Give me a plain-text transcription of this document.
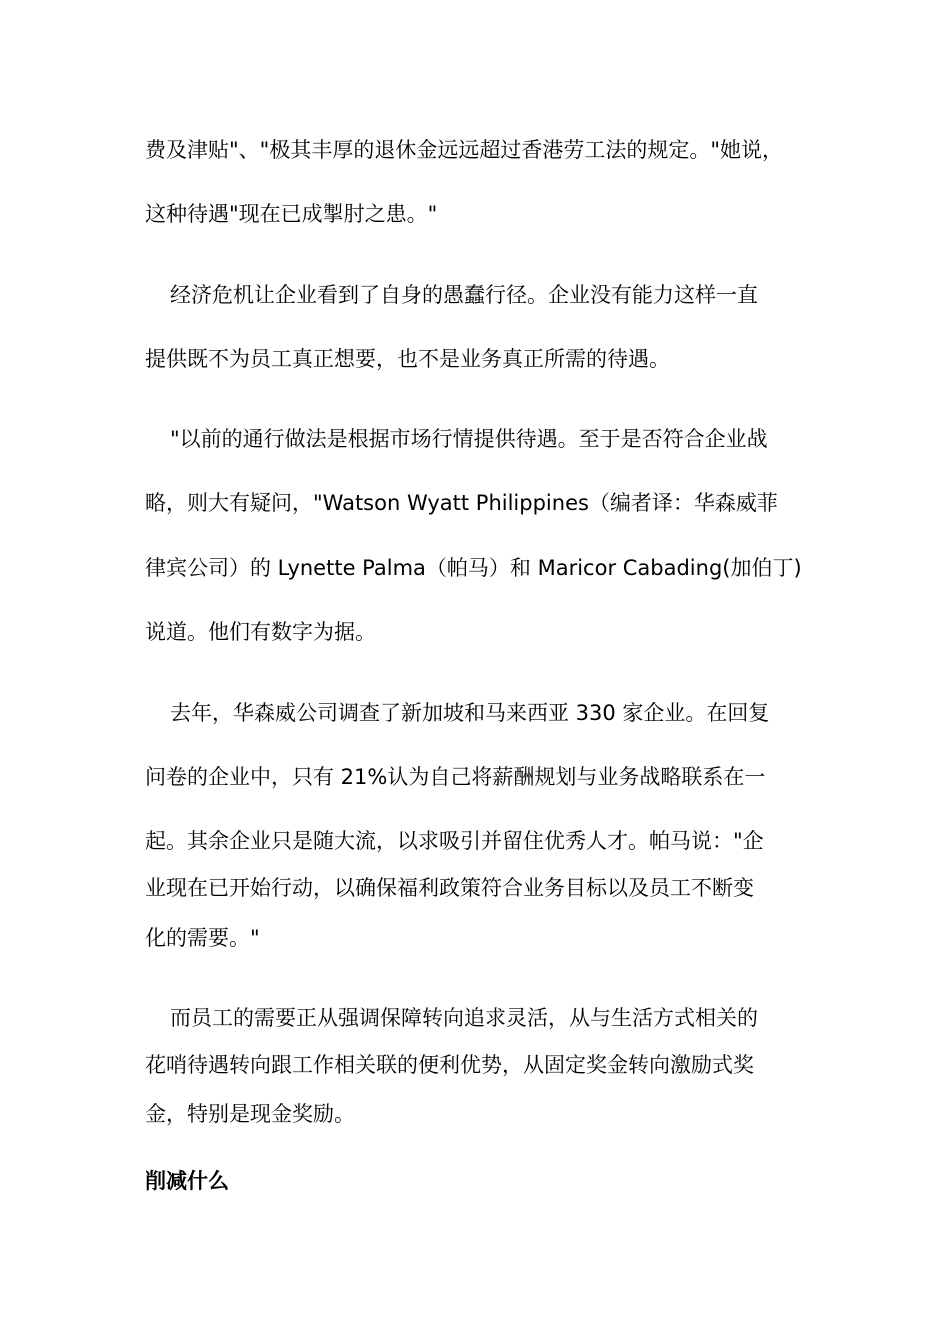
费及津贴"、"极其丰厚的退休金远远超过香港劳工法的规定。"她说，
这种待遇"现在已成掣肘之患。"
经济危机让企业看到了自身的愚蠢行径。企业没有能力这样一直
提供既不为员工真正想要，也不是业务真正所需的待遇。
"以前的通行做法是根据市场行情提供待遇。至于是否符合企业战
略，则大有疑问，"Watson Wyatt Philippines（编者译：华森威菲
律宾公司）的 Lynette Palma（帕马）和 Maricor Cabading(加伯丁)
说道。他们有数字为据。
去年，华森威公司调查了新加坡和马来西亚 330 家企业。在回复
问卷的企业中，只有 21%认为自己将薪酬规划与业务战略联系在一
起。其余企业只是随大流，以求吸引并留住优秀人才。帕马说："企
业现在已开始行动，以确保福利政策符合业务目标以及员工不断变
化的需要。"
而员工的需要正从强调保障转向追求灵活，从与生活方式相关的
花哨待遇转向跟工作相关联的便利优势，从固定奖金转向激励式奖
金，特别是现金奖励。
削减什么
